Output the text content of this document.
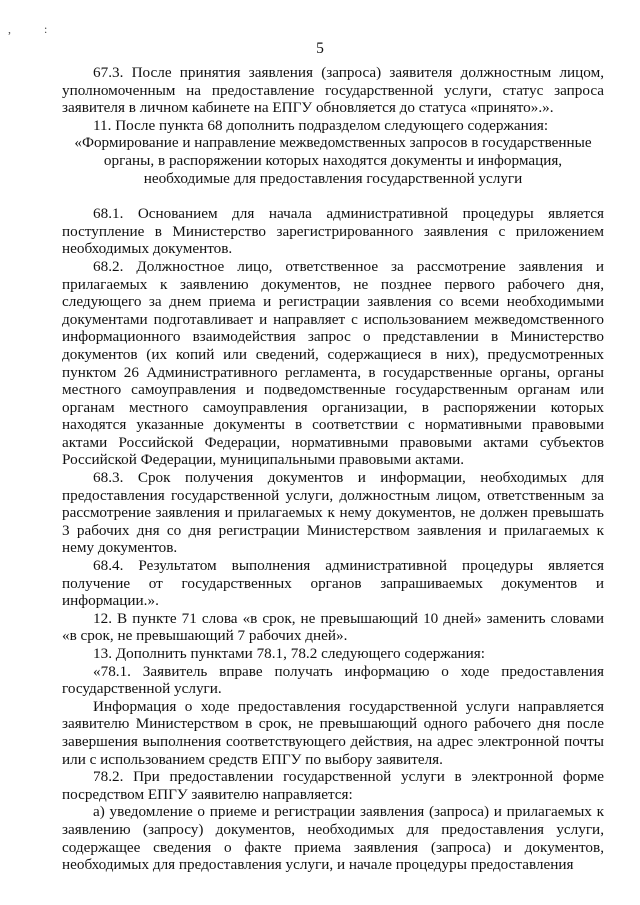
,	:
5

67.3. После принятия заявления (запроса) заявителя должностным лицом, уполномоченным на предоставление государственной услуги, статус запроса заявителя в личном кабинете на ЕПГУ обновляется до статуса «принято».».

11. После пункта 68 дополнить подразделом следующего содержания:

«Формирование и направление межведомственных запросов в государственные органы, в распоряжении которых находятся документы и информация, необходимые для предоставления государственной услуги

68.1. Основанием для начала административной процедуры является поступление в Министерство зарегистрированного заявления с приложением необходимых документов.

68.2. Должностное лицо, ответственное за рассмотрение заявления и прилагаемых к заявлению документов, не позднее первого рабочего дня, следующего за днем приема и регистрации заявления со всеми необходимыми документами подготавливает и направляет с использованием межведомственного информационного взаимодействия запрос о представлении в Министерство документов (их копий или сведений, содержащиеся в них), предусмотренных пунктом 26 Административного регламента, в государственные органы, органы местного самоуправления и подведомственные государственным органам или органам местного самоуправления организации, в распоряжении которых находятся указанные документы в соответствии с нормативными правовыми актами Российской Федерации, нормативными правовыми актами субъектов Российской Федерации, муниципальными правовыми актами.

68.3. Срок получения документов и информации, необходимых для предоставления государственной услуги, должностным лицом, ответственным за рассмотрение заявления и прилагаемых к нему документов, не должен превышать 3 рабочих дня со дня регистрации Министерством заявления и прилагаемых к нему документов.

68.4. Результатом выполнения административной процедуры является получение от государственных органов запрашиваемых документов и информации.».

12. В пункте 71 слова «в срок, не превышающий 10 дней» заменить словами «в срок, не превышающий 7 рабочих дней».

13. Дополнить пунктами 78.1, 78.2 следующего содержания:

«78.1. Заявитель вправе получать информацию о ходе предоставления государственной услуги.

Информация о ходе предоставления государственной услуги направляется заявителю Министерством в срок, не превышающий одного рабочего дня после завершения выполнения соответствующего действия, на адрес электронной почты или с использованием средств ЕПГУ по выбору заявителя.

78.2. При предоставлении государственной услуги в электронной форме посредством ЕПГУ заявителю направляется:

а) уведомление о приеме и регистрации заявления (запроса) и прилагаемых к заявлению (запросу) документов, необходимых для предоставления услуги, содержащее сведения о факте приема заявления (запроса) и документов, необходимых для предоставления услуги, и начале процедуры предоставления
